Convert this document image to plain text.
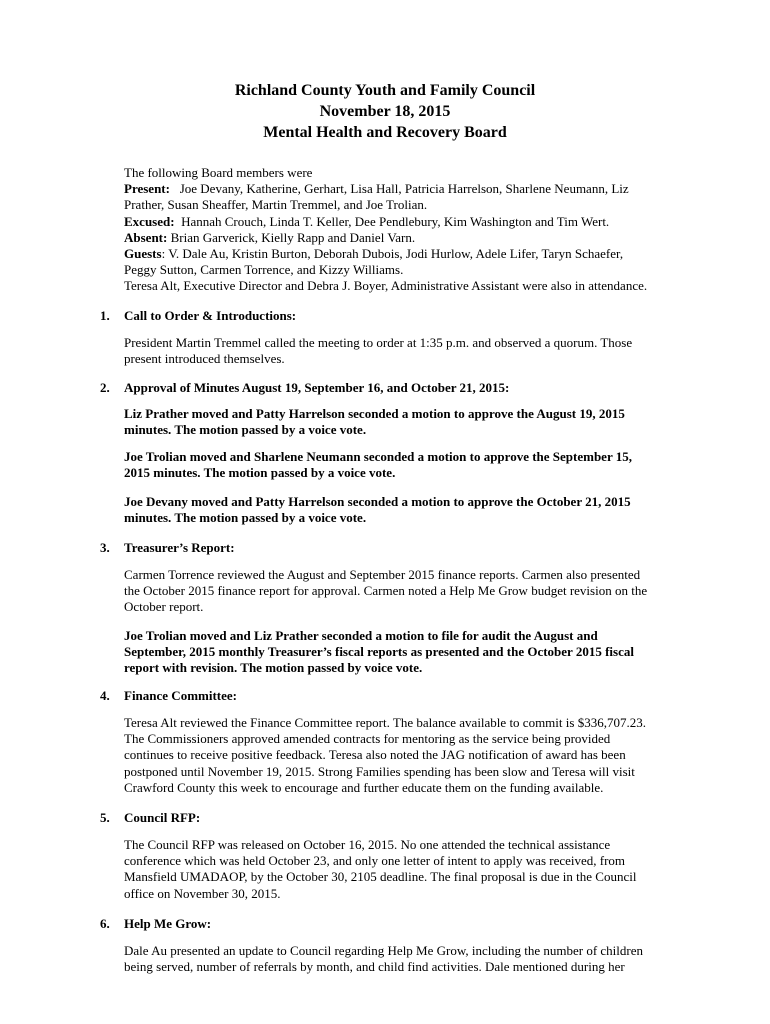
Richland County Youth and Family Council
November 18, 2015
Mental Health and Recovery Board
The following Board members were
Present:   Joe Devany, Katherine, Gerhart, Lisa Hall, Patricia Harrelson, Sharlene Neumann, Liz
Prather, Susan Sheaffer, Martin Tremmel, and Joe Trolian.
Excused:  Hannah Crouch, Linda T. Keller, Dee Pendlebury, Kim Washington and Tim Wert.
Absent: Brian Garverick, Kielly Rapp and Daniel Varn.
Guests: V. Dale Au, Kristin Burton, Deborah Dubois, Jodi Hurlow, Adele Lifer, Taryn Schaefer,
Peggy Sutton, Carmen Torrence, and Kizzy Williams.
Teresa Alt, Executive Director and Debra J. Boyer, Administrative Assistant were also in attendance.
1. Call to Order & Introductions:
President Martin Tremmel called the meeting to order at 1:35 p.m. and observed a quorum. Those
present introduced themselves.
2. Approval of Minutes August 19, September 16, and October 21, 2015:
Liz Prather moved and Patty Harrelson seconded a motion to approve the August 19, 2015
minutes. The motion passed by a voice vote.
Joe Trolian moved and Sharlene Neumann seconded a motion to approve the September 15,
2015 minutes. The motion passed by a voice vote.
Joe Devany moved and Patty Harrelson seconded a motion to approve the October 21, 2015
minutes. The motion passed by a voice vote.
3. Treasurer’s Report:
Carmen Torrence reviewed the August and September 2015 finance reports. Carmen also presented
the October 2015 finance report for approval. Carmen noted a Help Me Grow budget revision on the
October report.
Joe Trolian moved and Liz Prather seconded a motion to file for audit the August and
September, 2015 monthly Treasurer’s fiscal reports as presented and the October 2015 fiscal
report with revision. The motion passed by voice vote.
4. Finance Committee:
Teresa Alt reviewed the Finance Committee report. The balance available to commit is $336,707.23.
The Commissioners approved amended contracts for mentoring as the service being provided
continues to receive positive feedback. Teresa also noted the JAG notification of award has been
postponed until November 19, 2015. Strong Families spending has been slow and Teresa will visit
Crawford County this week to encourage and further educate them on the funding available.
5. Council RFP:
The Council RFP was released on October 16, 2015. No one attended the technical assistance
conference which was held October 23, and only one letter of intent to apply was received, from
Mansfield UMADAOP, by the October 30, 2105 deadline. The final proposal is due in the Council
office on November 30, 2015.
6. Help Me Grow:
Dale Au presented an update to Council regarding Help Me Grow, including the number of children
being served, number of referrals by month, and child find activities. Dale mentioned during her
